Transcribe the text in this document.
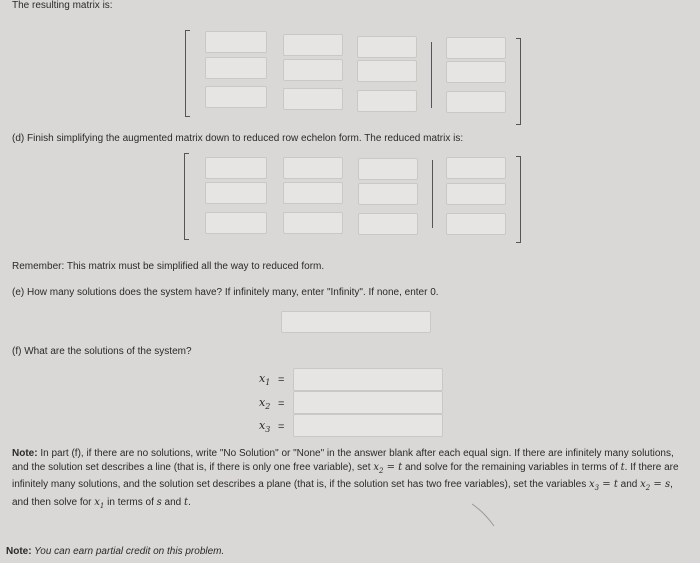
The resulting matrix is:
(d) Finish simplifying the augmented matrix down to reduced row echelon form. The reduced matrix is:
Remember: This matrix must be simplified all the way to reduced form.
(e) How many solutions does the system have? If infinitely many, enter "Infinity". If none, enter 0.
(f) What are the solutions of the system?
$x_1$ =
$x_2$ =
$x_3$ =
Note: In part (f), if there are no solutions, write "No Solution" or "None" in the answer blank after each equal sign. If there are infinitely many solutions, and the solution set describes a line (that is, if there is only one free variable), set $x_2 = t$ and solve for the remaining variables in terms of t. If there are infinitely many solutions, and the solution set describes a plane (that is, if the solution set has two free variables), set the variables $x_3 = t$ and $x_2 = s$, and then solve for $x_1$ in terms of s and t.
Note: You can earn partial credit on this problem.
